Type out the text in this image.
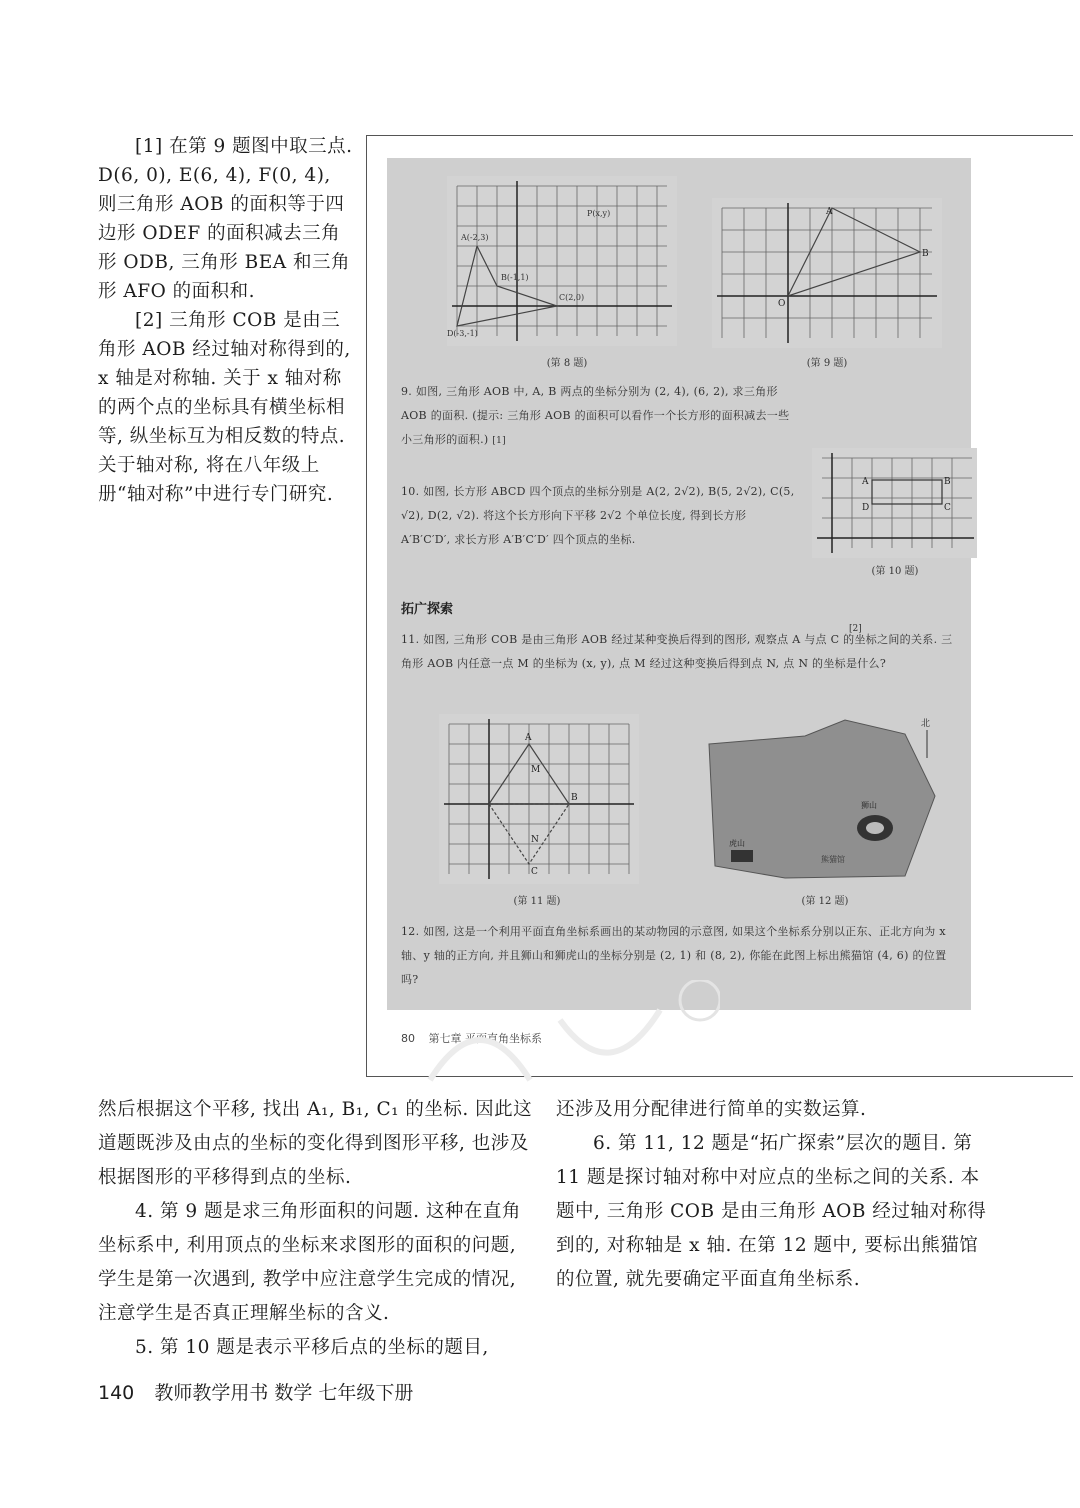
[1] 在第 9 题图中取三点. D(6, 0), E(6, 4), F(0, 4), 则三角形 AOB 的面积等于四边形 ODEF 的面积减去三角形 ODB, 三角形 BEA 和三角形 AFO 的面积和.

[2] 三角形 COB 是由三角形 AOB 经过轴对称得到的, x 轴是对称轴. 关于 x 轴对称的两个点的坐标具有横坐标相等, 纵坐标互为相反数的特点. 关于轴对称, 将在八年级上册“轴对称”中进行专门研究.

A(-2,3)
B(-1,1)
C(2,0)
D(-3,-1)
P(x,y)
(第 8 题)
A
B
O
(第 9 题)
9. 如图, 三角形 AOB 中, A, B 两点的坐标分别为 (2, 4), (6, 2), 求三角形 AOB 的面积. (提示: 三角形 AOB 的面积可以看作一个长方形的面积减去一些小三角形的面积.) [1]
A	B
C
D
(第 10 题)
10. 如图, 长方形 ABCD 四个顶点的坐标分别是 A(2, 2√2), B(5, 2√2), C(5, √2), D(2, √2). 将这个长方形向下平移 2√2 个单位长度, 得到长方形 A′B′C′D′, 求长方形 A′B′C′D′ 四个顶点的坐标.
拓广探索
[2]
11. 如图, 三角形 COB 是由三角形 AOB 经过某种变换后得到的图形, 观察点 A 与点 C 的坐标之间的关系. 三角形 AOB 内任意一点 M 的坐标为 (x, y), 点 M 经过这种变换后得到点 N, 点 N 的坐标是什么?
A
B
C
M
N
(第 11 题)
北
狮山
虎山
熊猫馆
(第 12 题)
12. 如图, 这是一个利用平面直角坐标系画出的某动物园的示意图, 如果这个坐标系分别以正东、正北方向为 x 轴、y 轴的正方向, 并且狮山和狮虎山的坐标分别是 (2, 1) 和 (8, 2), 你能在此图上标出熊猫馆 (4, 6) 的位置吗?
80 第七章 平面直角坐标系

然后根据这个平移, 找出 A₁, B₁, C₁ 的坐标. 因此这道题既涉及由点的坐标的变化得到图形平移, 也涉及根据图形的平移得到点的坐标.

4. 第 9 题是求三角形面积的问题. 这种在直角坐标系中, 利用顶点的坐标来求图形的面积的问题, 学生是第一次遇到, 教学中应注意学生完成的情况, 注意学生是否真正理解坐标的含义.

5. 第 10 题是表示平移后点的坐标的题目,

还涉及用分配律进行简单的实数运算.

6. 第 11, 12 题是“拓广探索”层次的题目. 第 11 题是探讨轴对称中对应点的坐标之间的关系. 本题中, 三角形 COB 是由三角形 AOB 经过轴对称得到的, 对称轴是 x 轴. 在第 12 题中, 要标出熊猫馆的位置, 就先要确定平面直角坐标系.

140 教师教学用书 数学 七年级下册
